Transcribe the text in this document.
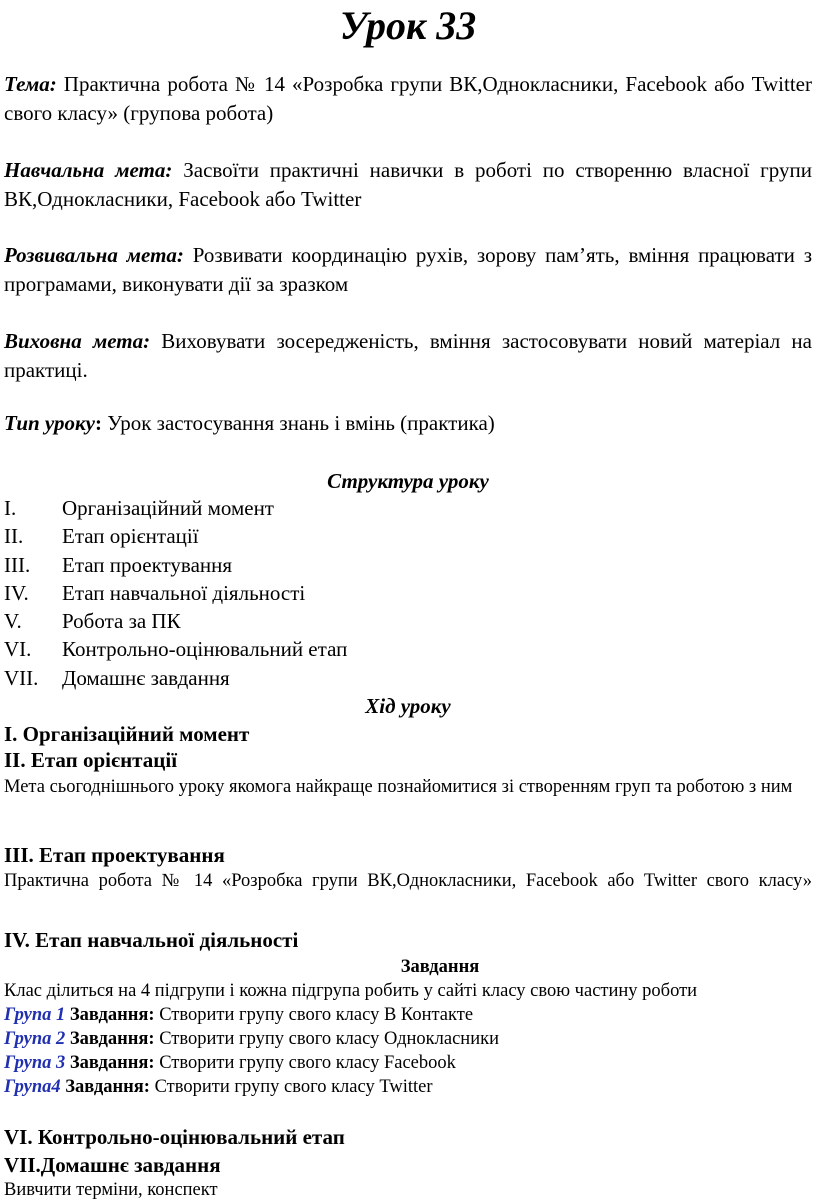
Урок 33
Тема: Практична робота № 14 «Розробка групи ВК,Однокласники, Facebook або Twitter свого класу» (групова робота)
Навчальна мета: Засвоїти практичні навички в роботі по створенню власної групи ВК,Однокласники, Facebook або Twitter
Розвивальна мета: Розвивати координацію рухів, зорову пам’ять, вміння працювати з програмами, виконувати дії за зразком
Виховна мета: Виховувати зосередженість, вміння застосовувати новий матеріал на практиці.
Тип уроку: Урок застосування знань і вмінь (практика)
Структура уроку
I.	Організаційний момент
II.	Етап орієнтації
III.	Етап проектування
IV.	Етап навчальної діяльності
V.	Робота за ПК
VI.	Контрольно-оцінювальний етап
VII.	Домашнє завдання
Хід уроку
I. Організаційний момент
II. Етап орієнтації
Мета сьогоднішнього уроку якомога найкраще познайомитися зі створенням груп та роботою з ним
III. Етап проектування
Практична робота № 14 «Розробка групи ВК,Однокласники, Facebook або Twitter свого класу»
IV. Етап навчальної діяльності
Завдання
Клас ділиться на 4 підгрупи і кожна підгрупа робить у сайті класу свою частину роботи
Група 1 Завдання: Створити групу свого класу В Контакте
Група 2 Завдання: Створити групу свого класу Однокласники
Група 3 Завдання: Створити групу свого класу Facebook
Група4 Завдання: Створити групу свого класу Twitter
VI. Контрольно-оцінювальний етап
VII.Домашнє завдання
Вивчити терміни, конспект
